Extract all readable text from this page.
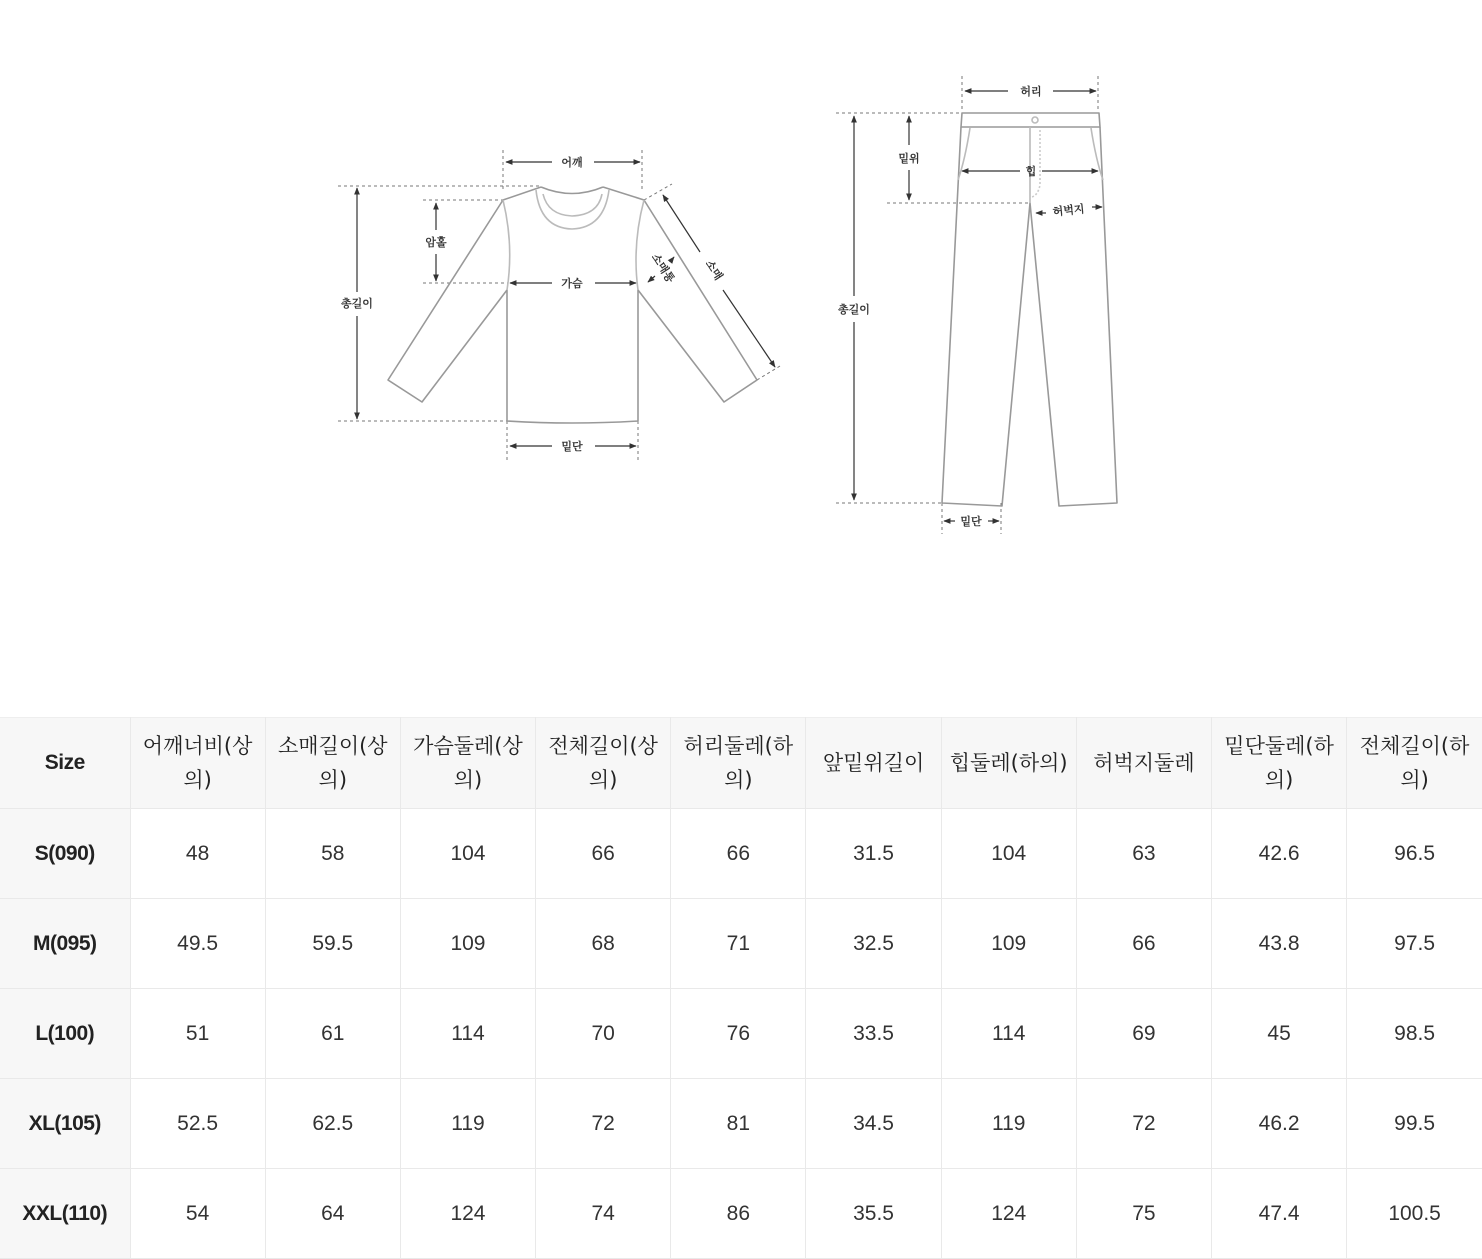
어깨
총길이
암홀
가슴
밑단
소매통 소매
허리
밑위
힙
허벅지
총길이
밑단
Size	어깨너비(상의)	소매길이(상의)	가슴둘레(상의)	전체길이(상의)	허리둘레(하의)	앞밑위길이	힙둘레(하의)	허벅지둘레	밑단둘레(하의)	전체길이(하의)
S(090)	48	58	104	66	66	31.5	104	63	42.6	96.5
M(095)	49.5	59.5	109	68	71	32.5	109	66	43.8	97.5
L(100)	51	61	114	70	76	33.5	114	69	45	98.5
XL(105)	52.5	62.5	119	72	81	34.5	119	72	46.2	99.5
XXL(110)	54	64	124	74	86	35.5	124	75	47.4	100.5
